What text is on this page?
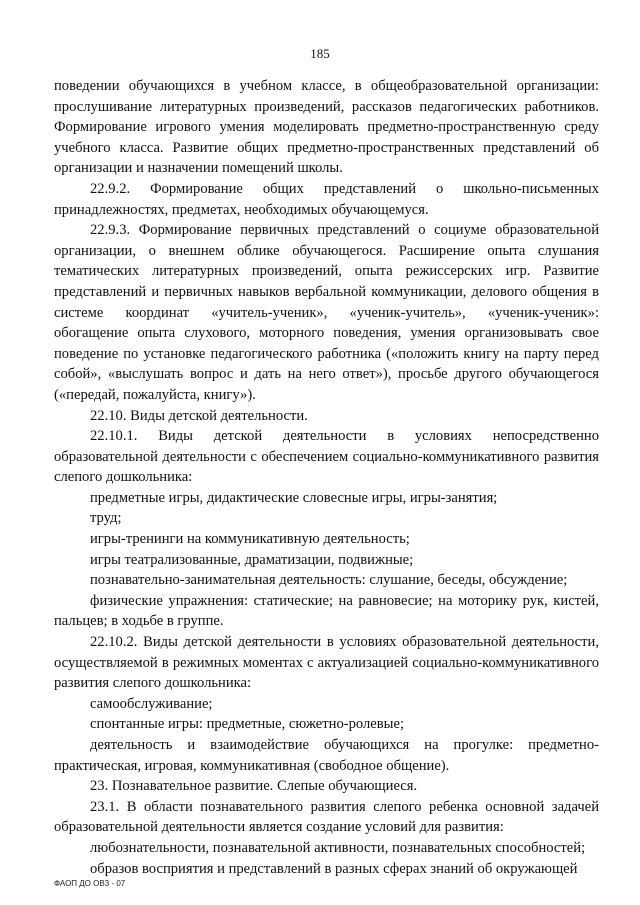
185

поведении обучающихся в учебном классе, в общеобразовательной организации: прослушивание литературных произведений, рассказов педагогических работников. Формирование игрового умения моделировать предметно-пространственную среду учебного класса. Развитие общих предметно-пространственных представлений об организации и назначении помещений школы.

22.9.2. Формирование общих представлений о школьно-письменных принадлежностях, предметах, необходимых обучающемуся.

22.9.3. Формирование первичных представлений о социуме образовательной организации, о внешнем облике обучающегося. Расширение опыта слушания тематических литературных произведений, опыта режиссерских игр. Развитие представлений и первичных навыков вербальной коммуникации, делового общения в системе координат «учитель-ученик», «ученик-учитель», «ученик-ученик»: обогащение опыта слухового, моторного поведения, умения организовывать свое поведение по установке педагогического работника («положить книгу на парту перед собой», «выслушать вопрос и дать на него ответ»), просьбе другого обучающегося («передай, пожалуйста, книгу»).

22.10. Виды детской деятельности.

22.10.1. Виды детской деятельности в условиях непосредственно образовательной деятельности с обеспечением социально-коммуникативного развития слепого дошкольника:

предметные игры, дидактические словесные игры, игры-занятия;

труд;

игры-тренинги на коммуникативную деятельность;

игры театрализованные, драматизации, подвижные;

познавательно-занимательная деятельность: слушание, беседы, обсуждение;

физические упражнения: статические; на равновесие; на моторику рук, кистей, пальцев; в ходьбе в группе.

22.10.2. Виды детской деятельности в условиях образовательной деятельности, осуществляемой в режимных моментах с актуализацией социально-коммуникативного развития слепого дошкольника:

самообслуживание;

спонтанные игры: предметные, сюжетно-ролевые;

деятельность и взаимодействие обучающихся на прогулке: предметно-практическая, игровая, коммуникативная (свободное общение).

23. Познавательное развитие. Слепые обучающиеся.

23.1. В области познавательного развития слепого ребенка основной задачей образовательной деятельности является создание условий для развития:

любознательности, познавательной активности, познавательных способностей;

образов восприятия и представлений в разных сферах знаний об окружающей

ФАОП ДО ОВЗ - 07
